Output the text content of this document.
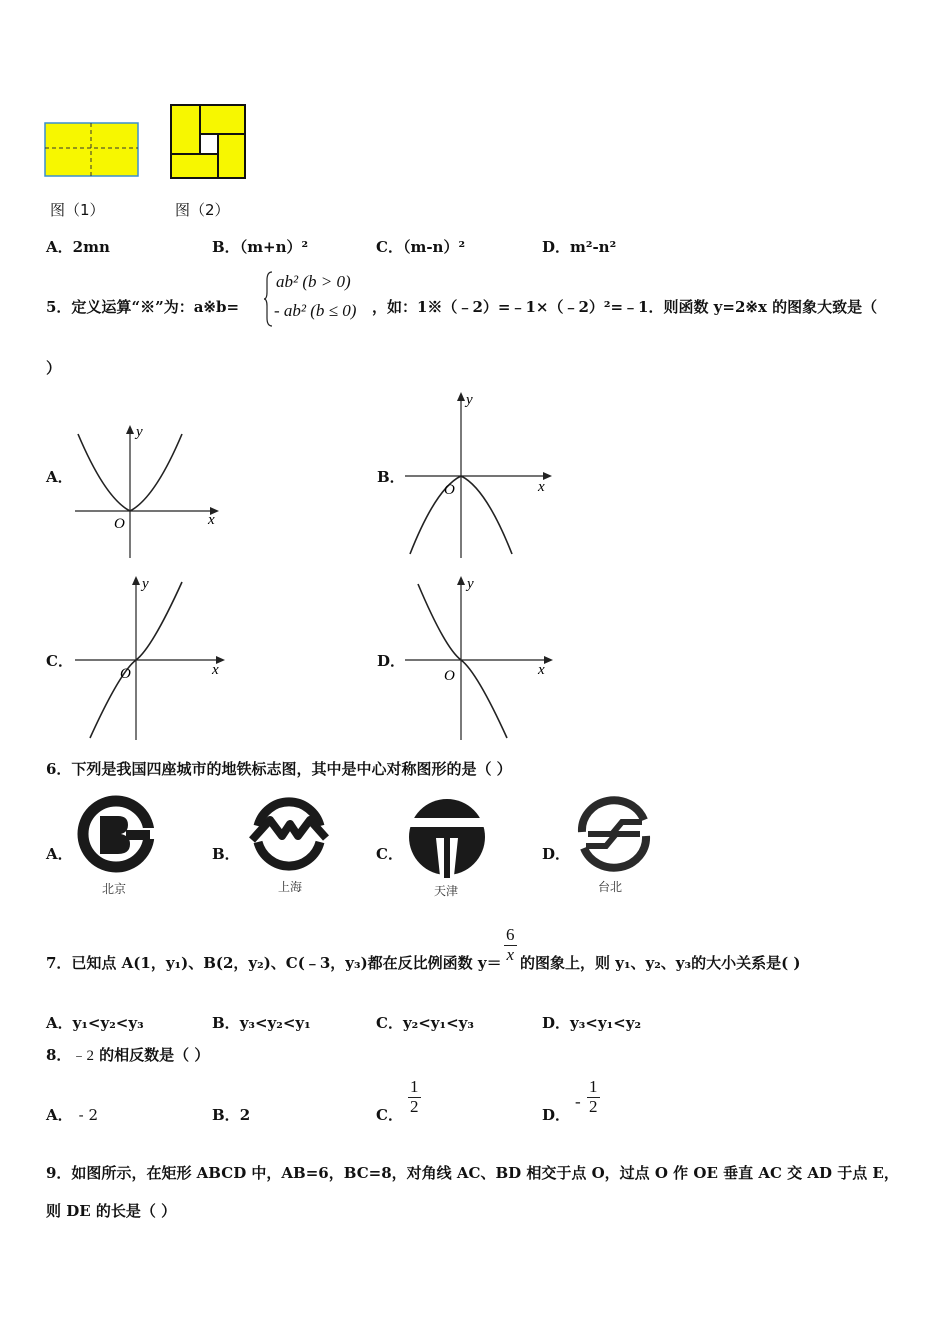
图（1）	图（2）
A．2mn	B．（m+n）²	C．（m-n）²	D．m²-n²
5．定义运算“※”为：a※b=
ab² (b > 0)
- ab² (b ≤ 0) ，如：1※（﹣2）=﹣1×（﹣2）²=﹣1．则函数 y=2※x 的图象大致是（
）
A．
O
y
x
B．
O
y
x
C．
O
y
x	D．
O
y
x
6．下列是我国四座城市的地铁标志图，其中是中心对称图形的是（ ）
A．
北京
B．
上海
C．
天津
D．
台北
7．已知点 A(1，y₁)、B(2，y₂)、C(﹣3，y₃)都在反比例函数 $y= \frac{6}{x}$ 的图象上，则 y₁、y₂、y₃的大小关系是( )
A．y₁<y₂<y₃	B．y₃<y₂<y₁	C．y₂<y₁<y₃	D．y₃<y₁<y₂
8．﹣2 的相反数是（ ）
A． - 2	B．2	C． $\frac{1}{2}$	D．
- $\frac{1}{2}$
9．如图所示，在矩形 ABCD 中，AB=6，BC=8，对角线 AC、BD 相交于点 O，过点 O 作 OE 垂直 AC 交 AD 于点 E，
则 DE 的长是（ ）
